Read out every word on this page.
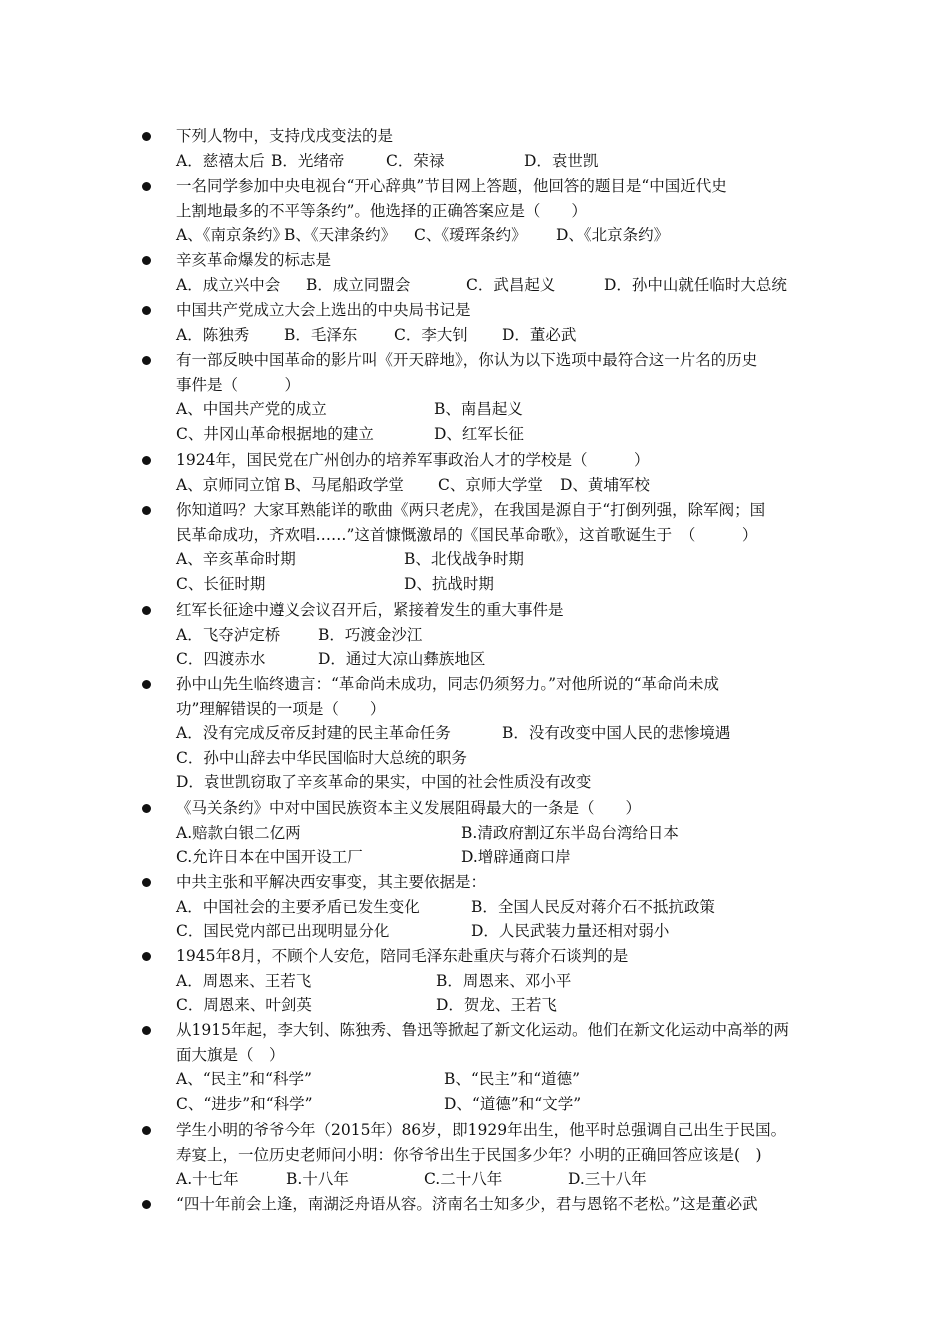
下列人物中，支持戊戌变法的是
A．慈禧太后 B．光绪帝	C．荣禄	D．袁世凯
一名同学参加中央电视台“开心辞典”节目网上答题，他回答的题目是“中国近代史
上割地最多的不平等条约”。他选择的正确答案应是（　　）
A、《南京条约》
B、《天津条约》 C、《瑷珲条约》 D、《北京条约》
辛亥革命爆发的标志是
A．成立兴中会 B．成立同盟会	C．武昌起义	D．孙中山就任临时大总统
中国共产党成立大会上选出的中央局书记是
A．陈独秀 B．毛泽东 C．李大钊 D．董必武
有一部反映中国革命的影片叫《开天辟地》，你认为以下选项中最符合这一片名的历史
事件是（　　　）
A、中国共产党的成立	B、南昌起义
C、井冈山革命根据地的建立	D、红军长征
1924年，国民党在广州创办的培养军事政治人才的学校是（　　　）
A、京师同立馆 B、马尾船政学堂 C、京师大学堂 D、黄埔军校
你知道吗？大家耳熟能详的歌曲《两只老虎》，在我国是源自于“打倒列强，除军阀；国
民革命成功，齐欢唱……”这首慷慨激昂的《国民革命歌》，这首歌诞生于　（　　　）
A、辛亥革命时期	B、北伐战争时期
C、长征时期	D、抗战时期
红军长征途中遵义会议召开后，紧接着发生的重大事件是
A．飞夺泸定桥 B．巧渡金沙江
C．四渡赤水	D．通过大凉山彝族地区
孙中山先生临终遗言：“革命尚未成功，同志仍须努力。”对他所说的“革命尚未成
功”理解错误的一项是（　　）
A．没有完成反帝反封建的民主革命任务	B．没有改变中国人民的悲惨境遇
C．孙中山辞去中华民国临时大总统的职务
D．袁世凯窃取了辛亥革命的果实，中国的社会性质没有改变
《马关条约》中对中国民族资本主义发展阻碍最大的一条是（　　）
A.赔款白银二亿两	B.清政府割辽东半岛台湾给日本
C.允许日本在中国开设工厂	D.增辟通商口岸
中共主张和平解决西安事变，其主要依据是：
A．中国社会的主要矛盾已发生变化	B．全国人民反对蒋介石不抵抗政策
C．国民党内部已出现明显分化	D．人民武装力量还相对弱小
1945年8月，不顾个人安危，陪同毛泽东赴重庆与蒋介石谈判的是
A．周恩来、王若飞	B．周恩来、邓小平
C．周恩来、叶剑英	D．贺龙、王若飞
从1915年起，李大钊、陈独秀、鲁迅等掀起了新文化运动。他们在新文化运动中高举的两
面大旗是（　）
A、“民主”和“科学”	B、“民主”和“道德”
C、“进步”和“科学”	D、“道德”和“文学”
学生小明的爷爷今年（2015年）86岁，即1929年出生，他平时总强调自己出生于民国。
寿宴上，一位历史老师问小明：你爷爷出生于民国多少年？小明的正确回答应该是(　)
A.十七年	B.十八年	C.二十八年	D.三十八年
“四十年前会上逢，南湖泛舟语从容。济南名士知多少，君与恩铭不老松。”这是董必武
